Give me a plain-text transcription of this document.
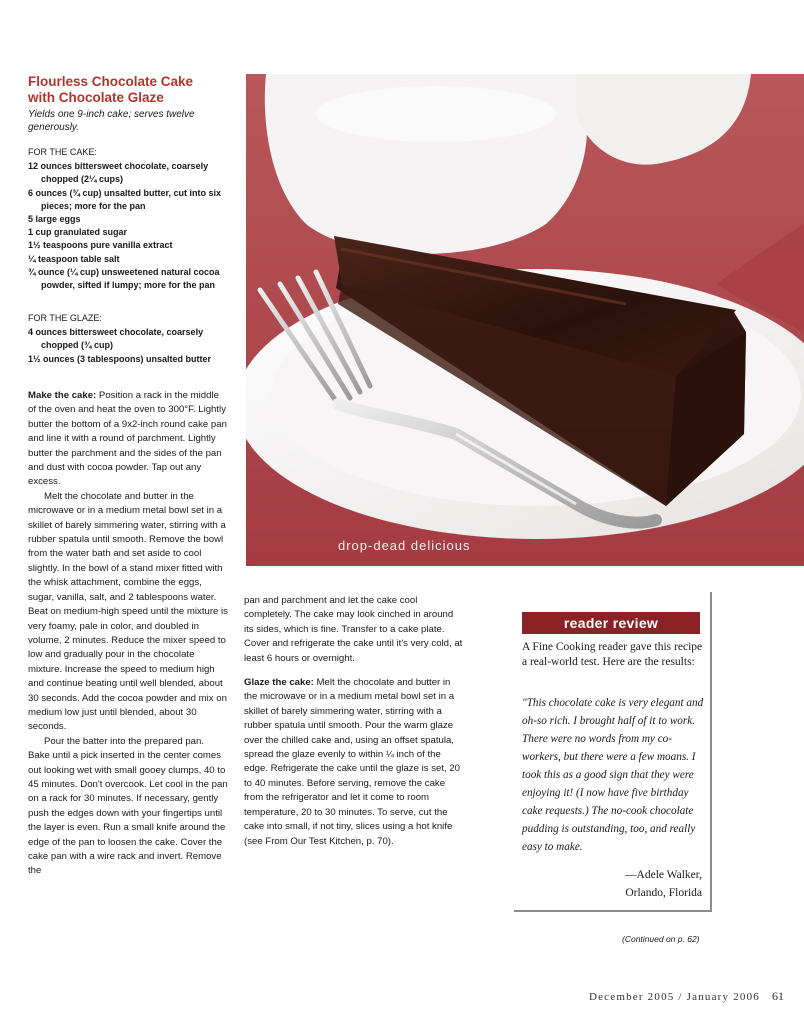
Flourless Chocolate Cake
with Chocolate Glaze

Yields one 9-inch cake; serves twelve generously.

FOR THE CAKE:

12 ounces bittersweet chocolate, coarsely chopped (2¼ cups)
6 ounces (¾ cup) unsalted butter, cut into six pieces; more for the pan
5 large eggs
1 cup granulated sugar
1½ teaspoons pure vanilla extract
¼ teaspoon table salt
¾ ounce (¼ cup) unsweetened natural cocoa powder, sifted if lumpy; more for the pan

FOR THE GLAZE:

4 ounces bittersweet chocolate, coarsely chopped (¾ cup)
1½ ounces (3 tablespoons) unsalted butter

Make the cake: Position a rack in the middle of the oven and heat the oven to 300°F. Lightly butter the bottom of a 9x2-inch round cake pan and line it with a round of parchment. Lightly butter the parchment and the sides of the pan and dust with cocoa powder. Tap out any excess.

Melt the chocolate and butter in the microwave or in a medium metal bowl set in a skillet of barely simmering water, stirring with a rubber spatula until smooth. Remove the bowl from the water bath and set aside to cool slightly. In the bowl of a stand mixer fitted with the whisk attachment, combine the eggs, sugar, vanilla, salt, and 2 tablespoons water. Beat on medium-high speed until the mixture is very foamy, pale in color, and doubled in volume, 2 minutes. Reduce the mixer speed to low and gradually pour in the chocolate mixture. Increase the speed to medium high and continue beating until well blended, about 30 seconds. Add the cocoa powder and mix on medium low just until blended, about 30 seconds.

Pour the batter into the prepared pan. Bake until a pick inserted in the center comes out looking wet with small gooey clumps, 40 to 45 minutes. Don't overcook. Let cool in the pan on a rack for 30 minutes. If necessary, gently push the edges down with your fingertips until the layer is even. Run a small knife around the edge of the pan to loosen the cake. Cover the cake pan with a wire rack and invert. Remove the

drop-dead delicious

pan and parchment and let the cake cool completely. The cake may look cinched in around its sides, which is fine. Transfer to a cake plate. Cover and refrigerate the cake until it's very cold, at least 6 hours or overnight.

Glaze the cake: Melt the chocolate and butter in the microwave or in a medium metal bowl set in a skillet of barely simmering water, stirring with a rubber spatula until smooth. Pour the warm glaze over the chilled cake and, using an offset spatula, spread the glaze evenly to within ¼ inch of the edge. Refrigerate the cake until the glaze is set, 20 to 40 minutes. Before serving, remove the cake from the refrigerator and let it come to room temperature, 20 to 30 minutes. To serve, cut the cake into small, if not tiny, slices using a hot knife (see From Our Test Kitchen, p. 70).

reader review

A Fine Cooking reader gave this recipe a real-world test. Here are the results:

"This chocolate cake is very elegant and oh-so rich. I brought half of it to work. There were no words from my co-workers, but there were a few moans. I took this as a good sign that they were enjoying it! (I now have five birthday cake requests.) The no-cook chocolate pudding is outstanding, too, and really easy to make.

—Adele Walker,
Orlando, Florida

(Continued on p. 62)

December 2005 / January 2006 61
